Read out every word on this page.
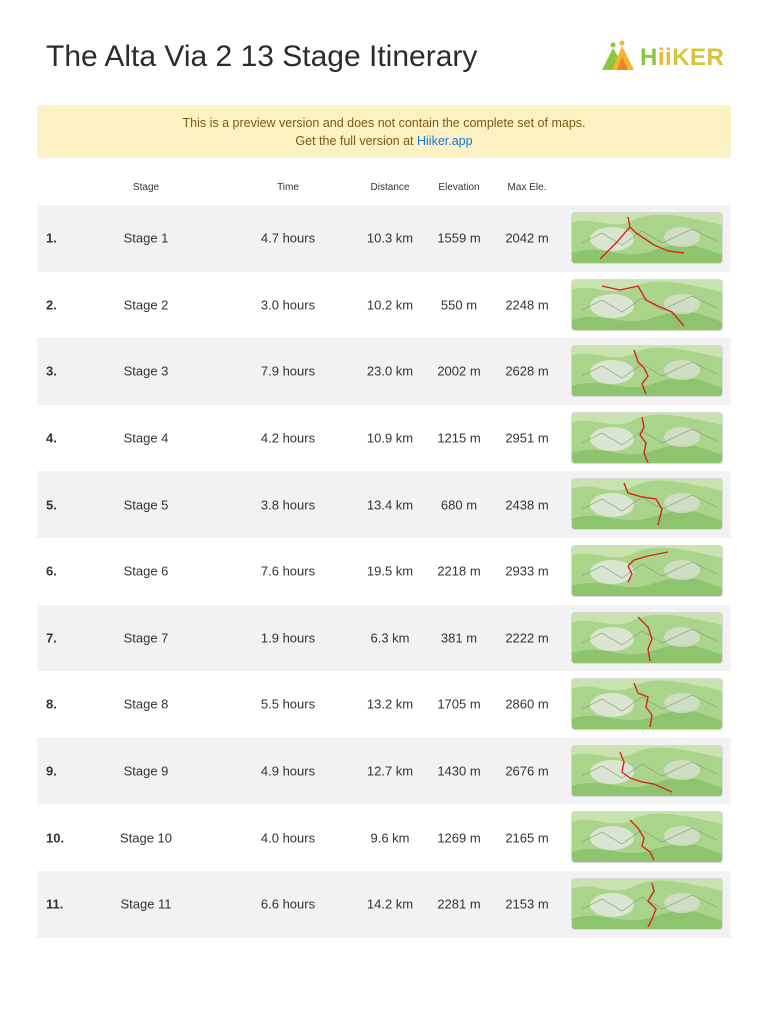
The Alta Via 2 13 Stage Itinerary	HiiKER
This is a preview version and does not contain the complete set of maps.
Get the full version at Hiiker.app
Stage	Time	Distance	Elevation	Max Ele.
1.	Stage 1	4.7 hours	10.3 km 1559 m 2042 m
2.	Stage 2	3.0 hours	10.2 km 550 m 2248 m
3.	Stage 3	7.9 hours	23.0 km 2002 m 2628 m
4.	Stage 4	4.2 hours	10.9 km 1215 m 2951 m
5.	Stage 5	3.8 hours	13.4 km 680 m 2438 m
6.	Stage 6	7.6 hours	19.5 km 2218 m 2933 m
7.	Stage 7	1.9 hours	6.3 km 381 m 2222 m
8.	Stage 8	5.5 hours	13.2 km 1705 m 2860 m
9.	Stage 9	4.9 hours	12.7 km 1430 m 2676 m
10.	Stage 10	4.0 hours	9.6 km 1269 m 2165 m
11.	Stage 11	6.6 hours	14.2 km 2281 m 2153 m
